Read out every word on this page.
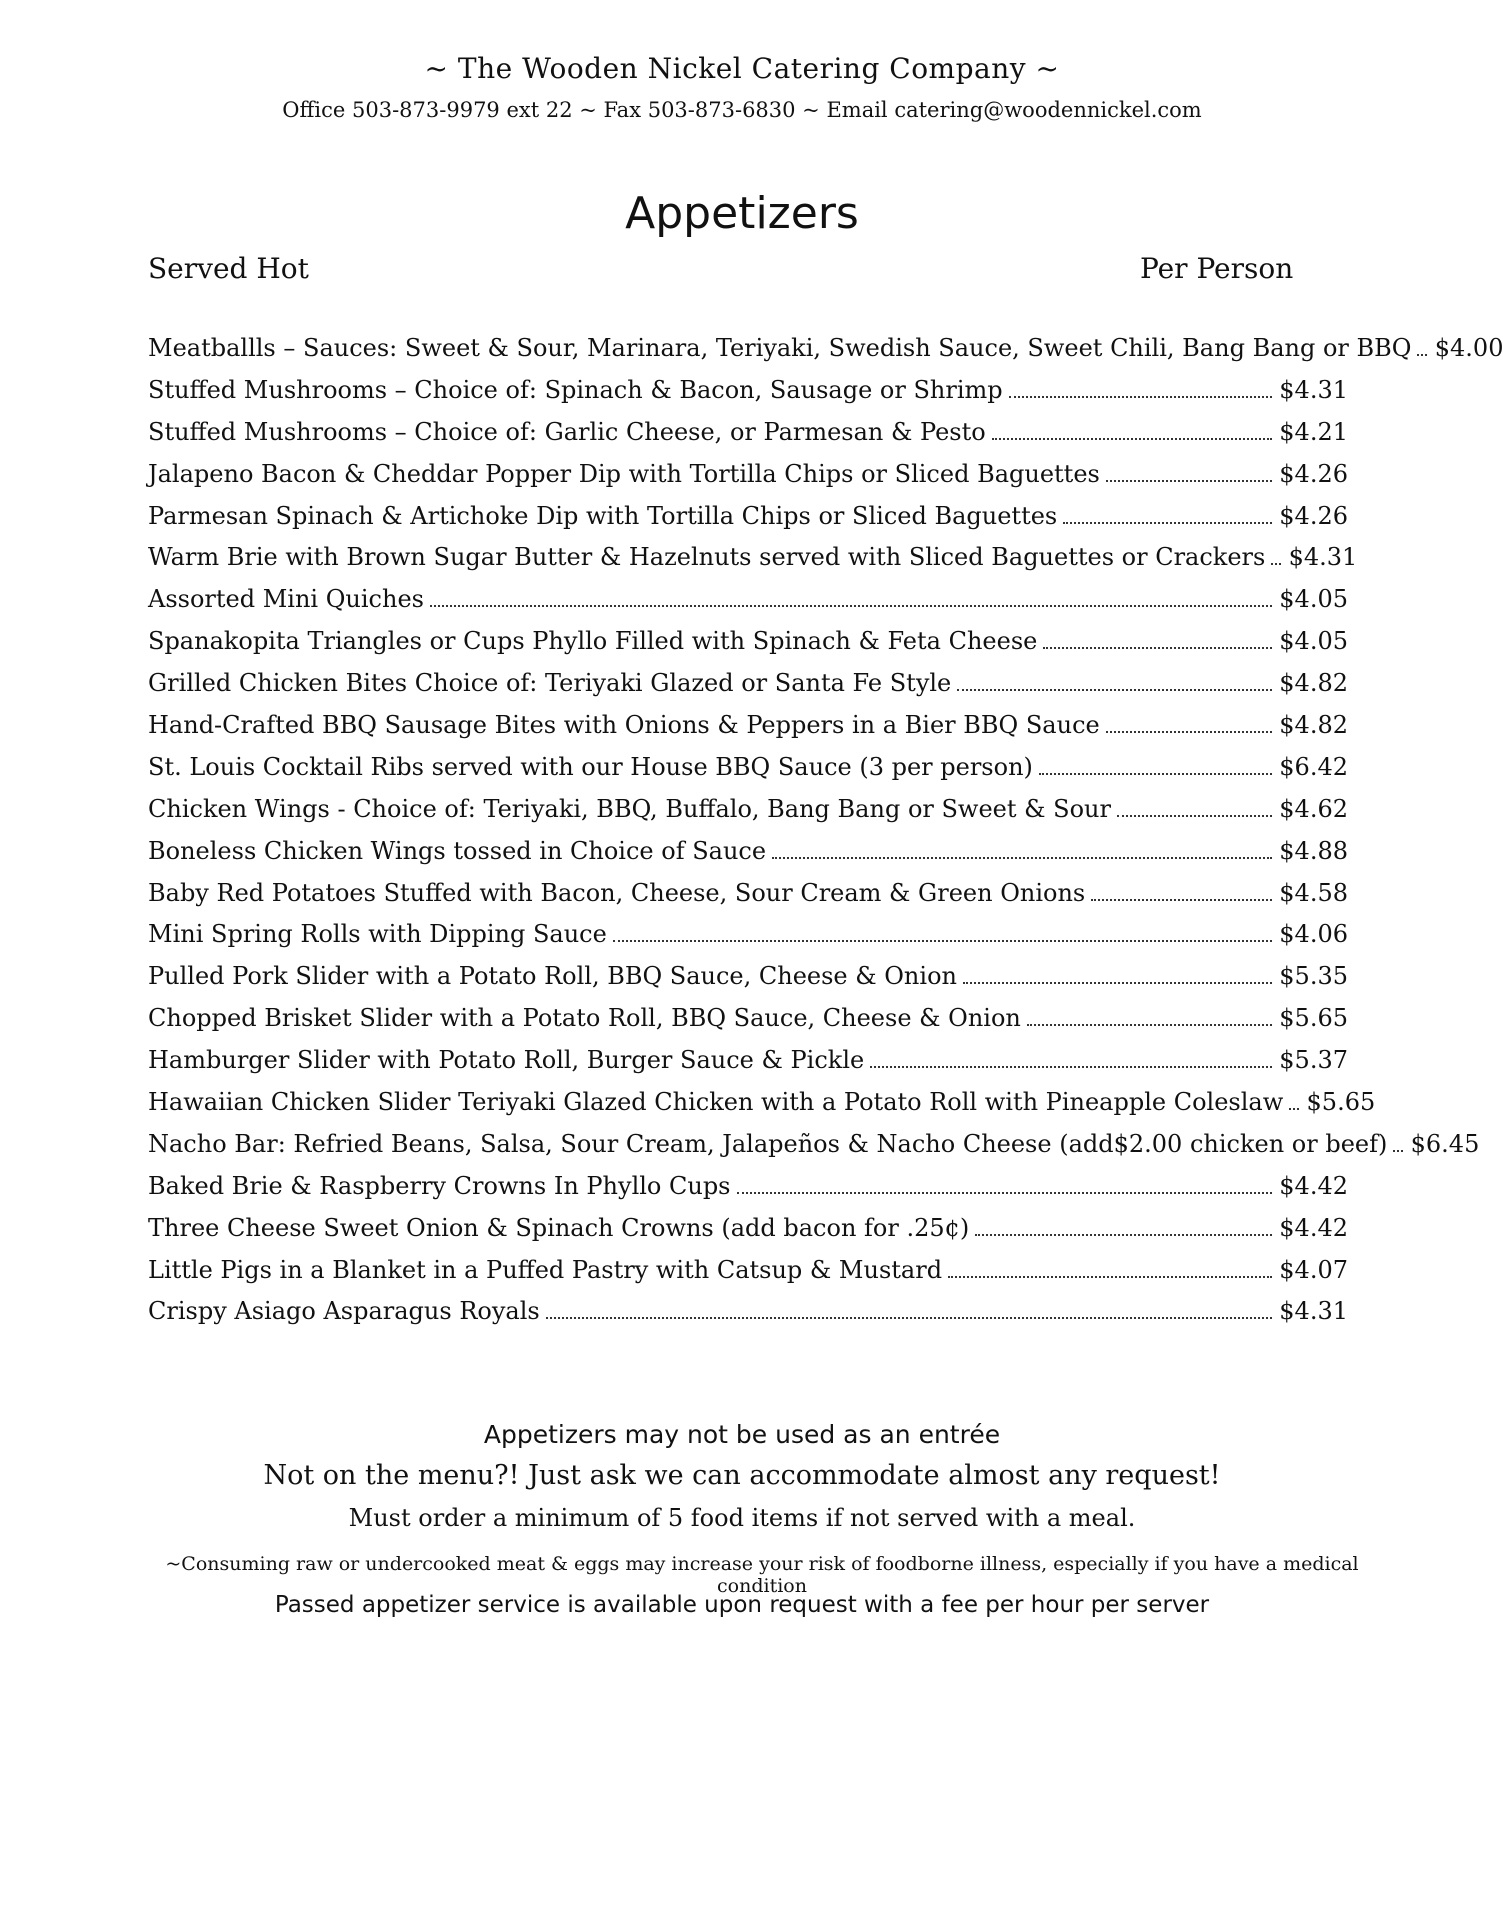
~ The Wooden Nickel Catering Company ~
Office 503-873-9979 ext 22 ~ Fax 503-873-6830 ~ Email catering@woodennickel.com
Appetizers
Served Hot	Per Person
Meatballls – Sauces: Sweet & Sour, Marinara, Teriyaki, Swedish Sauce, Sweet Chili, Bang Bang or BBQ $4.00
Stuffed Mushrooms – Choice of: Spinach & Bacon, Sausage or Shrimp	$4.31
Stuffed Mushrooms – Choice of: Garlic Cheese, or Parmesan & Pesto	$4.21
Jalapeno Bacon & Cheddar Popper Dip with Tortilla Chips or Sliced Baguettes	$4.26
Parmesan Spinach & Artichoke Dip with Tortilla Chips or Sliced Baguettes	$4.26
Warm Brie with Brown Sugar Butter & Hazelnuts served with Sliced Baguettes or Crackers $4.31
Assorted Mini Quiches	$4.05
Spanakopita Triangles or Cups Phyllo Filled with Spinach & Feta Cheese	$4.05
Grilled Chicken Bites Choice of: Teriyaki Glazed or Santa Fe Style	$4.82
Hand-Crafted BBQ Sausage Bites with Onions & Peppers in a Bier BBQ Sauce	$4.82
St. Louis Cocktail Ribs served with our House BBQ Sauce (3 per person)	$6.42
Chicken Wings - Choice of: Teriyaki, BBQ, Buffalo, Bang Bang or Sweet & Sour	$4.62
Boneless Chicken Wings tossed in Choice of Sauce	$4.88
Baby Red Potatoes Stuffed with Bacon, Cheese, Sour Cream & Green Onions	$4.58
Mini Spring Rolls with Dipping Sauce	$4.06
Pulled Pork Slider with a Potato Roll, BBQ Sauce, Cheese & Onion	$5.35
Chopped Brisket Slider with a Potato Roll, BBQ Sauce, Cheese & Onion	$5.65
Hamburger Slider with Potato Roll, Burger Sauce & Pickle	$5.37
Hawaiian Chicken Slider Teriyaki Glazed Chicken with a Potato Roll with Pineapple Coleslaw $5.65
Nacho Bar: Refried Beans, Salsa, Sour Cream, Jalapeños & Nacho Cheese (add$2.00 chicken or beef) $6.45
Baked Brie & Raspberry Crowns In Phyllo Cups	$4.42
Three Cheese Sweet Onion & Spinach Crowns (add bacon for .25¢)	$4.42
Little Pigs in a Blanket in a Puffed Pastry with Catsup & Mustard	$4.07
Crispy Asiago Asparagus Royals	$4.31
Appetizers may not be used as an entrée
Not on the menu?! Just ask we can accommodate almost any request!
Must order a minimum of 5 food items if not served with a meal.
~Consuming raw or undercooked meat & eggs may increase your risk of foodborne illness, especially if you have a medical condition
Passed appetizer service is available upon request with a fee per hour per server
